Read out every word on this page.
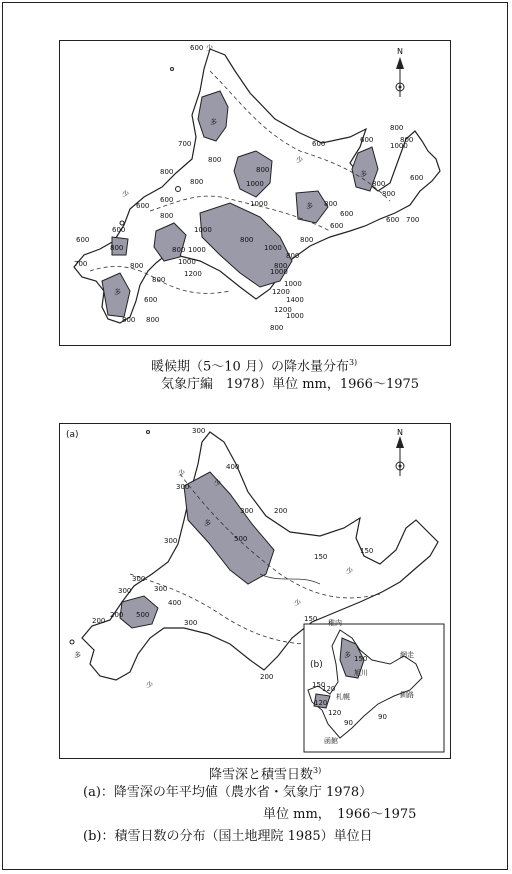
N
600 少
700
800
600
800
600
少
1000
600
800
少
600
800
700	800	1000
1200
800
800
1000
800
600
800
600
800
多
600
1000
800
多
800
1000
800
1200
1000
1400
1200
1000
800
多 800
600
600 700
800
1000
800
多	600
800
600	1000
800
800
1000
800
暖候期（5～10 月）の降水量分布$^{3)}$
気象庁編　1978）単位 mm，1966～1975
(a)
(b)
N
300
少
400
少
300
300
300	500
200
多
200 500
300
300
150
少
300
400
300
200
200
150
多
少
150
少
稚内
150	網走
多
旭川
120
札幌	釧路
120
90
120
150
90
函館
降雪深と積雪日数$^{3)}$
(a)：降雪深の年平均値（農水省・気象庁 1978）
単位 mm，　1966～1975
(b)：積雪日数の分布（国土地理院 1985）単位日
